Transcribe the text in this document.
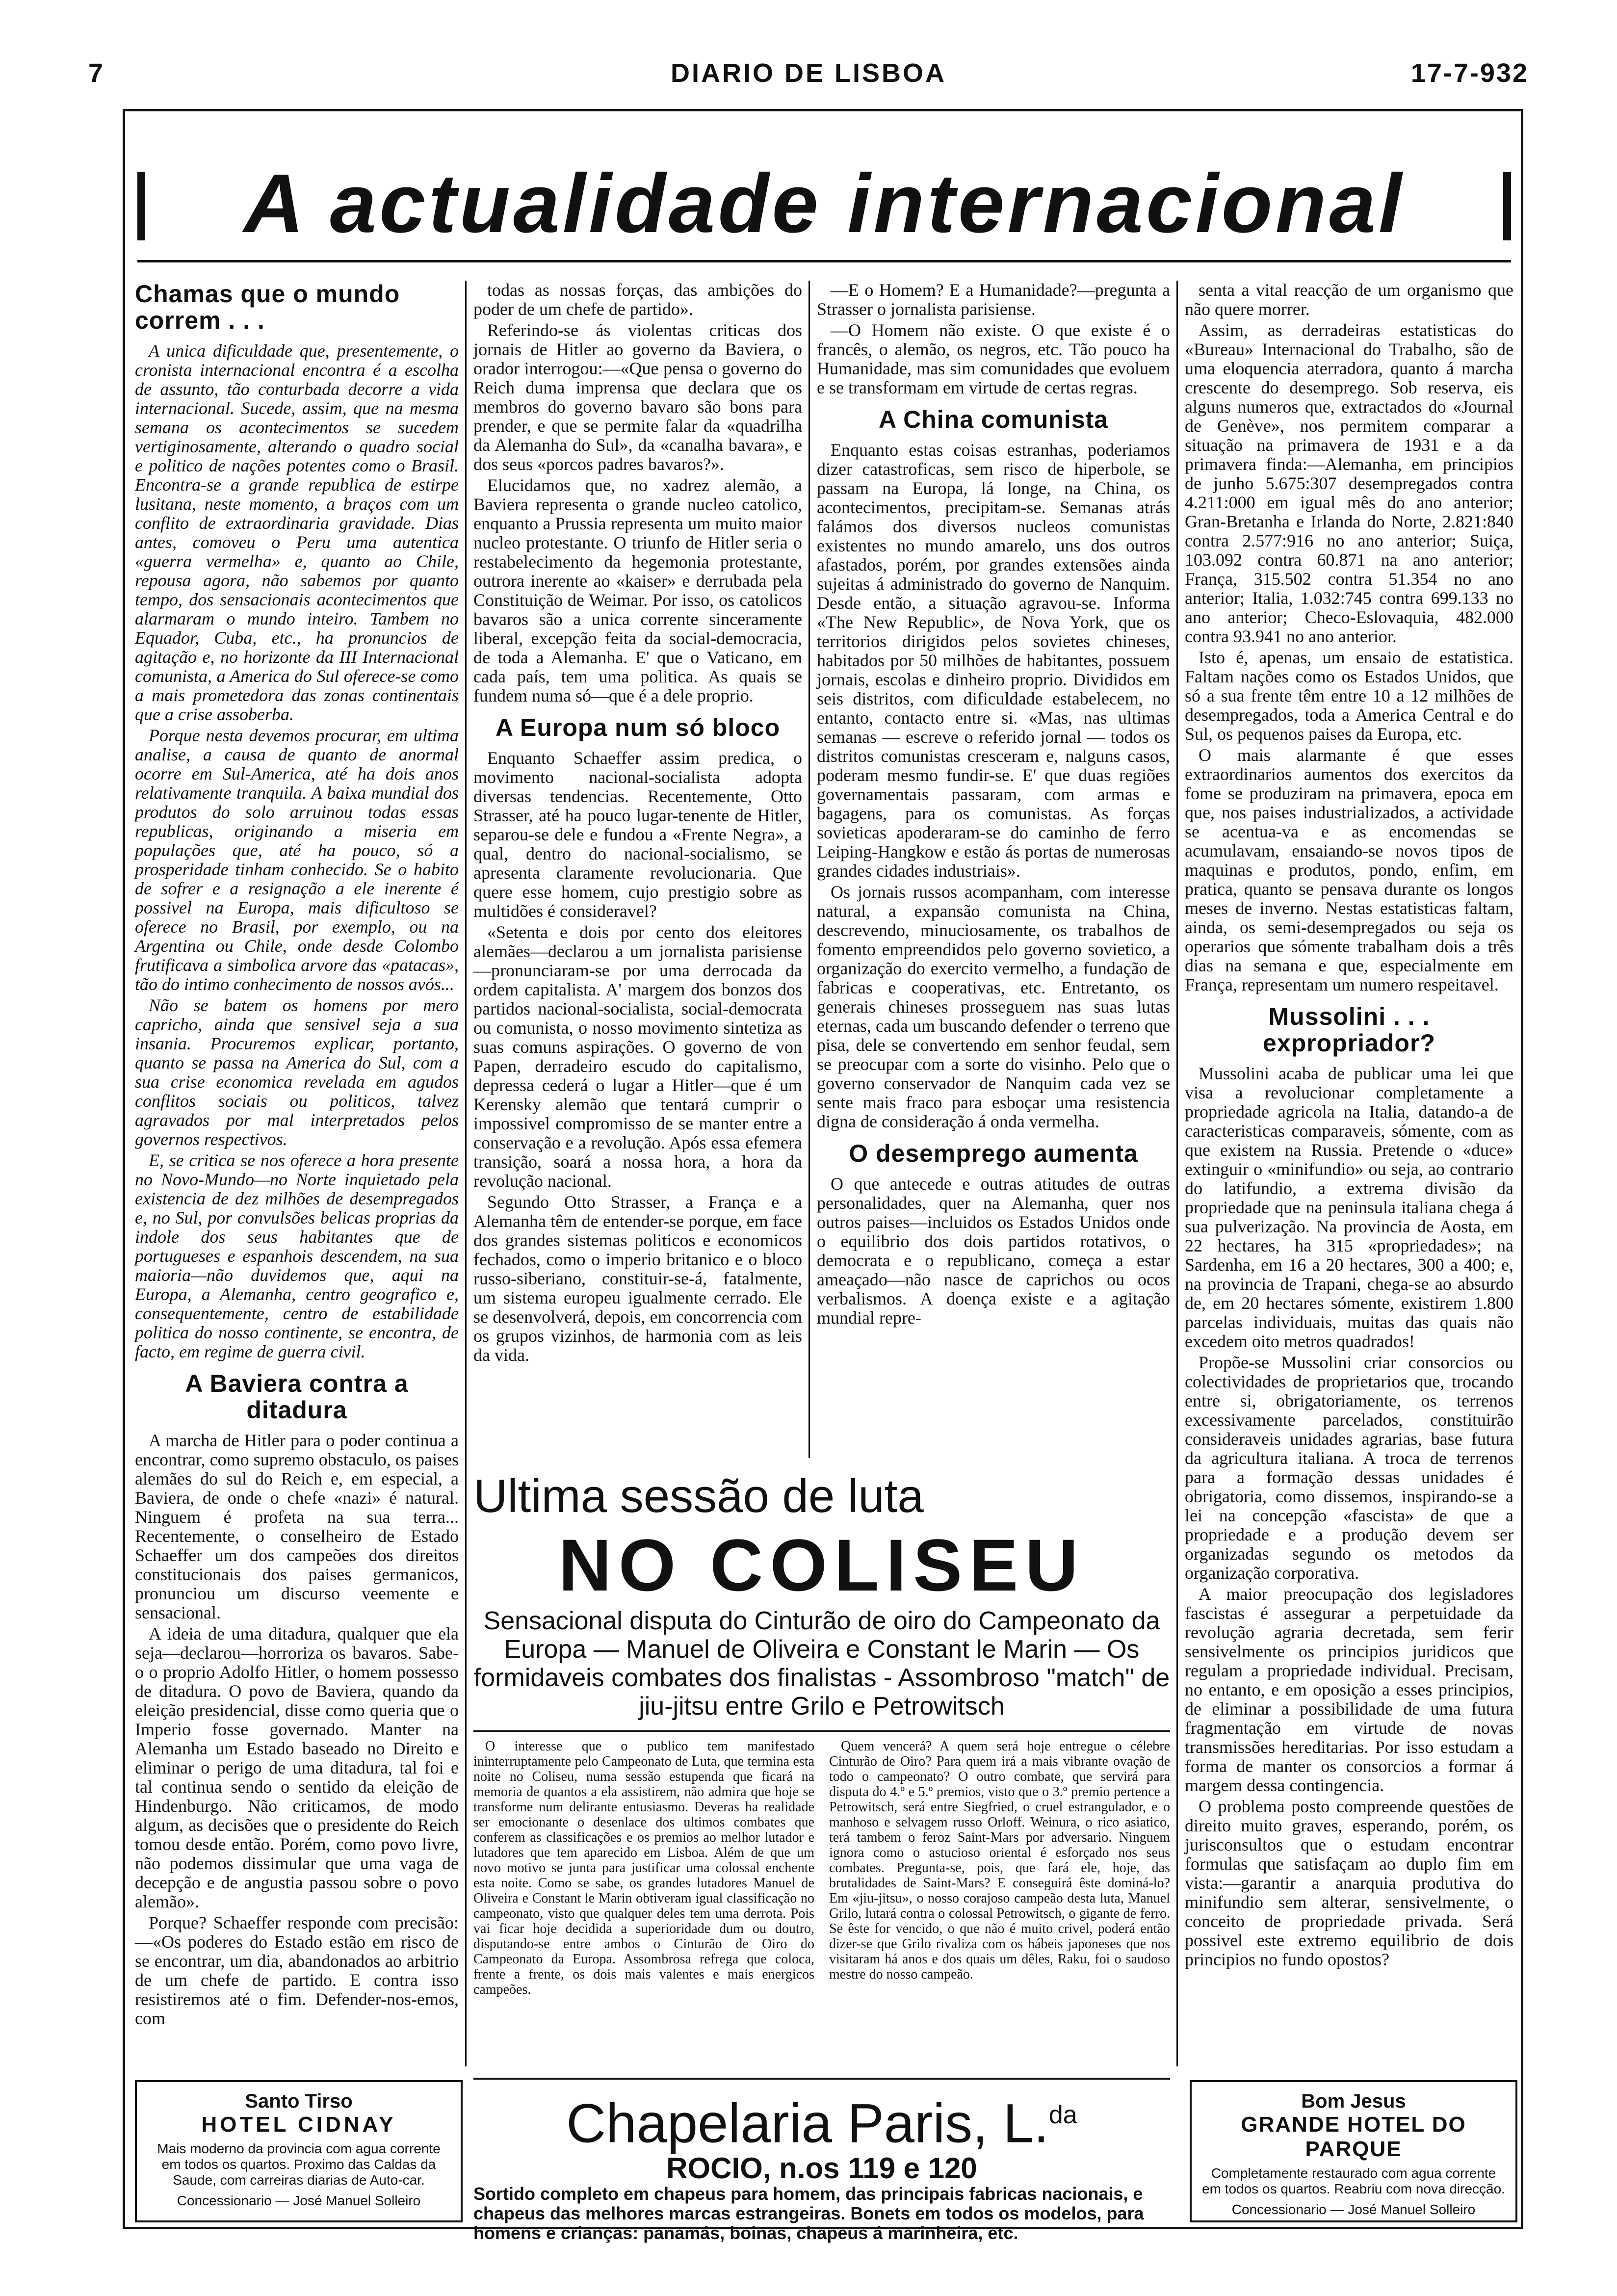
7	DIARIO DE LISBOA	17-7-932
A actualidade internacional
Chamas que o mundo correm . . .

A unica dificuldade que, presentemente, o cronista internacional encontra é a escolha de assunto, tão conturbada decorre a vida internacional. Sucede, assim, que na mesma semana os acontecimentos se sucedem vertiginosamente, alterando o quadro social e politico de nações potentes como o Brasil. Encontra-se a grande republica de estirpe lusitana, neste momento, a braços com um conflito de extraordinaria gravidade. Dias antes, comoveu o Peru uma autentica «guerra vermelha» e, quanto ao Chile, repousa agora, não sabemos por quanto tempo, dos sensacionais acontecimentos que alarmaram o mundo inteiro. Tambem no Equador, Cuba, etc., ha pronuncios de agitação e, no horizonte da III Internacional comunista, a America do Sul oferece-se como a mais prometedora das zonas continentais que a crise assoberba.

Porque nesta devemos procurar, em ultima analise, a causa de quanto de anormal ocorre em Sul-America, até ha dois anos relativamente tranquila. A baixa mundial dos produtos do solo arruinou todas essas republicas, originando a miseria em populações que, até ha pouco, só a prosperidade tinham conhecido. Se o habito de sofrer e a resignação a ele inerente é possivel na Europa, mais dificultoso se oferece no Brasil, por exemplo, ou na Argentina ou Chile, onde desde Colombo frutificava a simbolica arvore das «patacas», tão do intimo conhecimento de nossos avós...

Não se batem os homens por mero capricho, ainda que sensivel seja a sua insania. Procuremos explicar, portanto, quanto se passa na America do Sul, com a sua crise economica revelada em agudos conflitos sociais ou politicos, talvez agravados por mal interpretados pelos governos respectivos.

E, se critica se nos oferece a hora presente no Novo-Mundo—no Norte inquietado pela existencia de dez milhões de desempregados e, no Sul, por convulsões belicas proprias da indole dos seus habitantes que de portugueses e espanhois descendem, na sua maioria—não duvidemos que, aqui na Europa, a Alemanha, centro geografico e, consequentemente, centro de estabilidade politica do nosso continente, se encontra, de facto, em regime de guerra civil.

A Baviera contra a ditadura

A marcha de Hitler para o poder continua a encontrar, como supremo obstaculo, os paises alemães do sul do Reich e, em especial, a Baviera, de onde o chefe «nazi» é natural. Ninguem é profeta na sua terra... Recentemente, o conselheiro de Estado Schaeffer um dos campeões dos direitos constitucionais dos paises germanicos, pronunciou um discurso veemente e sensacional.

A ideia de uma ditadura, qualquer que ela seja—declarou—horroriza os bavaros. Sabe-o o proprio Adolfo Hitler, o homem possesso de ditadura. O povo de Baviera, quando da eleição presidencial, disse como queria que o Imperio fosse governado. Manter na Alemanha um Estado baseado no Direito e eliminar o perigo de uma ditadura, tal foi e tal continua sendo o sentido da eleição de Hindenburgo. Não criticamos, de modo algum, as decisões que o presidente do Reich tomou desde então. Porém, como povo livre, não podemos dissimular que uma vaga de decepção e de angustia passou sobre o povo alemão».

Porque? Schaeffer responde com precisão:—«Os poderes do Estado estão em risco de se encontrar, um dia, abandonados ao arbitrio de um chefe de partido. E contra isso resistiremos até o fim. Defender-nos-emos, com

todas as nossas forças, das ambições do poder de um chefe de partido».

Referindo-se ás violentas criticas dos jornais de Hitler ao governo da Baviera, o orador interrogou:—«Que pensa o governo do Reich duma imprensa que declara que os membros do governo bavaro são bons para prender, e que se permite falar da «quadrilha da Alemanha do Sul», da «canalha bavara», e dos seus «porcos padres bavaros?».

Elucidamos que, no xadrez alemão, a Baviera representa o grande nucleo catolico, enquanto a Prussia representa um muito maior nucleo protestante. O triunfo de Hitler seria o restabelecimento da hegemonia protestante, outrora inerente ao «kaiser» e derrubada pela Constituição de Weimar. Por isso, os catolicos bavaros são a unica corrente sinceramente liberal, excepção feita da social-democracia, de toda a Alemanha. E' que o Vaticano, em cada país, tem uma politica. As quais se fundem numa só—que é a dele proprio.

A Europa num só bloco

Enquanto Schaeffer assim predica, o movimento nacional-socialista adopta diversas tendencias. Recentemente, Otto Strasser, até ha pouco lugar-tenente de Hitler, separou-se dele e fundou a «Frente Negra», a qual, dentro do nacional-socialismo, se apresenta claramente revolucionaria. Que quere esse homem, cujo prestigio sobre as multidões é consideravel?

«Setenta e dois por cento dos eleitores alemães—declarou a um jornalista parisiense—pronunciaram-se por uma derrocada da ordem capitalista. A' margem dos bonzos dos partidos nacional-socialista, social-democrata ou comunista, o nosso movimento sintetiza as suas comuns aspirações. O governo de von Papen, derradeiro escudo do capitalismo, depressa cederá o lugar a Hitler—que é um Kerensky alemão que tentará cumprir o impossivel compromisso de se manter entre a conservação e a revolução. Após essa efemera transição, soará a nossa hora, a hora da revolução nacional.

Segundo Otto Strasser, a França e a Alemanha têm de entender-se porque, em face dos grandes sistemas politicos e economicos fechados, como o imperio britanico e o bloco russo-siberiano, constituir-se-á, fatalmente, um sistema europeu igualmente cerrado. Ele se desenvolverá, depois, em concorrencia com os grupos vizinhos, de harmonia com as leis da vida.

—E o Homem? E a Humanidade?—pregunta a Strasser o jornalista parisiense.

—O Homem não existe. O que existe é o francês, o alemão, os negros, etc. Tão pouco ha Humanidade, mas sim comunidades que evoluem e se transformam em virtude de certas regras.

A China comunista

Enquanto estas coisas estranhas, poderiamos dizer catastroficas, sem risco de hiperbole, se passam na Europa, lá longe, na China, os acontecimentos, precipitam-se. Semanas atrás falámos dos diversos nucleos comunistas existentes no mundo amarelo, uns dos outros afastados, porém, por grandes extensões ainda sujeitas á administrado do governo de Nanquim. Desde então, a situação agravou-se. Informa «The New Republic», de Nova York, que os territorios dirigidos pelos sovietes chineses, habitados por 50 milhões de habitantes, possuem jornais, escolas e dinheiro proprio. Divididos em seis distritos, com dificuldade estabelecem, no entanto, contacto entre si. «Mas, nas ultimas semanas — escreve o referido jornal — todos os distritos comunistas cresceram e, nalguns casos, poderam mesmo fundir-se. E' que duas regiões governamentais passaram, com armas e bagagens, para os comunistas. As forças sovieticas apoderaram-se do caminho de ferro Leiping-Hangkow e estão ás portas de numerosas grandes cidades industriais».

Os jornais russos acompanham, com interesse natural, a expansão comunista na China, descrevendo, minuciosamente, os trabalhos de fomento empreendidos pelo governo sovietico, a organização do exercito vermelho, a fundação de fabricas e cooperativas, etc. Entretanto, os generais chineses prosseguem nas suas lutas eternas, cada um buscando defender o terreno que pisa, dele se convertendo em senhor feudal, sem se preocupar com a sorte do visinho. Pelo que o governo conservador de Nanquim cada vez se sente mais fraco para esboçar uma resistencia digna de consideração á onda vermelha.

O desemprego aumenta

O que antecede e outras atitudes de outras personalidades, quer na Alemanha, quer nos outros paises—incluidos os Estados Unidos onde o equilibrio dos dois partidos rotativos, o democrata e o republicano, começa a estar ameaçado—não nasce de caprichos ou ocos verbalismos. A doença existe e a agitação mundial repre-

senta a vital reacção de um organismo que não quere morrer.

Assim, as derradeiras estatisticas do «Bureau» Internacional do Trabalho, são de uma eloquencia aterradora, quanto á marcha crescente do desemprego. Sob reserva, eis alguns numeros que, extractados do «Journal de Genève», nos permitem comparar a situação na primavera de 1931 e a da primavera finda:—Alemanha, em principios de junho 5.675:307 desempregados contra 4.211:000 em igual mês do ano anterior; Gran-Bretanha e Irlanda do Norte, 2.821:840 contra 2.577:916 no ano anterior; Suiça, 103.092 contra 60.871 na ano anterior; França, 315.502 contra 51.354 no ano anterior; Italia, 1.032:745 contra 699.133 no ano anterior; Checo-Eslovaquia, 482.000 contra 93.941 no ano anterior.

Isto é, apenas, um ensaio de estatistica. Faltam nações como os Estados Unidos, que só a sua frente têm entre 10 a 12 milhões de desempregados, toda a America Central e do Sul, os pequenos paises da Europa, etc.

O mais alarmante é que esses extraordinarios aumentos dos exercitos da fome se produziram na primavera, epoca em que, nos paises industrializados, a actividade se acentua-va e as encomendas se acumulavam, ensaiando-se novos tipos de maquinas e produtos, pondo, enfim, em pratica, quanto se pensava durante os longos meses de inverno. Nestas estatisticas faltam, ainda, os semi-desempregados ou seja os operarios que sómente trabalham dois a três dias na semana e que, especialmente em França, representam um numero respeitavel.

Mussolini . . . expropriador?

Mussolini acaba de publicar uma lei que visa a revolucionar completamente a propriedade agricola na Italia, datando-a de caracteristicas comparaveis, sómente, com as que existem na Russia. Pretende o «duce» extinguir o «minifundio» ou seja, ao contrario do latifundio, a extrema divisão da propriedade que na peninsula italiana chega á sua pulverização. Na provincia de Aosta, em 22 hectares, ha 315 «propriedades»; na Sardenha, em 16 a 20 hectares, 300 a 400; e, na provincia de Trapani, chega-se ao absurdo de, em 20 hectares sómente, existirem 1.800 parcelas individuais, muitas das quais não excedem oito metros quadrados!

Propõe-se Mussolini criar consorcios ou colectividades de proprietarios que, trocando entre si, obrigatoriamente, os terrenos excessivamente parcelados, constituirão consideraveis unidades agrarias, base futura da agricultura italiana. A troca de terrenos para a formação dessas unidades é obrigatoria, como dissemos, inspirando-se a lei na concepção «fascista» de que a propriedade e a produção devem ser organizadas segundo os metodos da organização corporativa.

A maior preocupação dos legisladores fascistas é assegurar a perpetuidade da revolução agraria decretada, sem ferir sensivelmente os principios juridicos que regulam a propriedade individual. Precisam, no entanto, e em oposição a esses principios, de eliminar a possibilidade de uma futura fragmentação em virtude de novas transmissões hereditarias. Por isso estudam a forma de manter os consorcios a formar á margem dessa contingencia.

O problema posto compreende questões de direito muito graves, esperando, porém, os jurisconsultos que o estudam encontrar formulas que satisfaçam ao duplo fim em vista:—garantir a anarquia produtiva do minifundio sem alterar, sensivelmente, o conceito de propriedade privada. Será possivel este extremo equilibrio de dois principios no fundo opostos?

Ultima sessão de luta
NO COLISEU
Sensacional disputa do Cinturão de oiro do Campeonato da Europa — Manuel de Oliveira e Constant le Marin — Os formidaveis combates dos finalistas - Assombroso "match" de jiu-jitsu entre Grilo e Petrowitsch

O interesse que o publico tem manifestado ininterruptamente pelo Campeonato de Luta, que termina esta noite no Coliseu, numa sessão estupenda que ficará na memoria de quantos a ela assistirem, não admira que hoje se transforme num delirante entusiasmo. Deveras ha realidade ser emocionante o desenlace dos ultimos combates que conferem as classificações e os premios ao melhor lutador e lutadores que tem aparecido em Lisboa. Além de que um novo motivo se junta para justificar uma colossal enchente esta noite. Como se sabe, os grandes lutadores Manuel de Oliveira e Constant le Marin obtiveram igual classificação no campeonato, visto que qualquer deles tem uma derrota. Pois vai ficar hoje decidida a superioridade dum ou doutro, disputando-se entre ambos o Cinturão de Oiro do Campeonato da Europa. Assombrosa refrega que coloca, frente a frente, os dois mais valentes e mais energicos campeões.

Quem vencerá? A quem será hoje entregue o célebre Cinturão de Oiro? Para quem irá a mais vibrante ovação de todo o campeonato? O outro combate, que servirá para disputa do 4.º e 5.º premios, visto que o 3.º premio pertence a Petrowitsch, será entre Siegfried, o cruel estrangulador, e o manhoso e selvagem russo Orloff. Weinura, o rico asiatico, terá tambem o feroz Saint-Mars por adversario. Ninguem ignora como o astucioso oriental é esforçado nos seus combates. Pregunta-se, pois, que fará ele, hoje, das brutalidades de Saint-Mars? E conseguirá êste dominá-lo? Em «jiu-jitsu», o nosso corajoso campeão desta luta, Manuel Grilo, lutará contra o colossal Petrowitsch, o gigante de ferro. Se êste for vencido, o que não é muito crivel, poderá então dizer-se que Grilo rivaliza com os hábeis japoneses que nos visitaram há anos e dos quais um dêles, Raku, foi o saudoso mestre do nosso campeão.

Chapelaria Paris, L.$^{da}$
ROCIO, n.os 119 e 120
Sortido completo em chapeus para homem, das principais fabricas nacionais, e chapeus das melhores marcas estrangeiras. Bonets em todos os modelos, para homens e crianças: panamás, boinas, chapeus á marinheira, etc.
Santo Tirso
HOTEL CIDNAY
Mais moderno da provincia com agua corrente em todos os quartos. Proximo das Caldas da Saude, com carreiras diarias de Auto-car.
Concessionario — José Manuel Solleiro
Bom Jesus
GRANDE HOTEL DO PARQUE
Completamente restaurado com agua corrente em todos os quartos. Reabriu com nova direcção.
Concessionario — José Manuel Solleiro
